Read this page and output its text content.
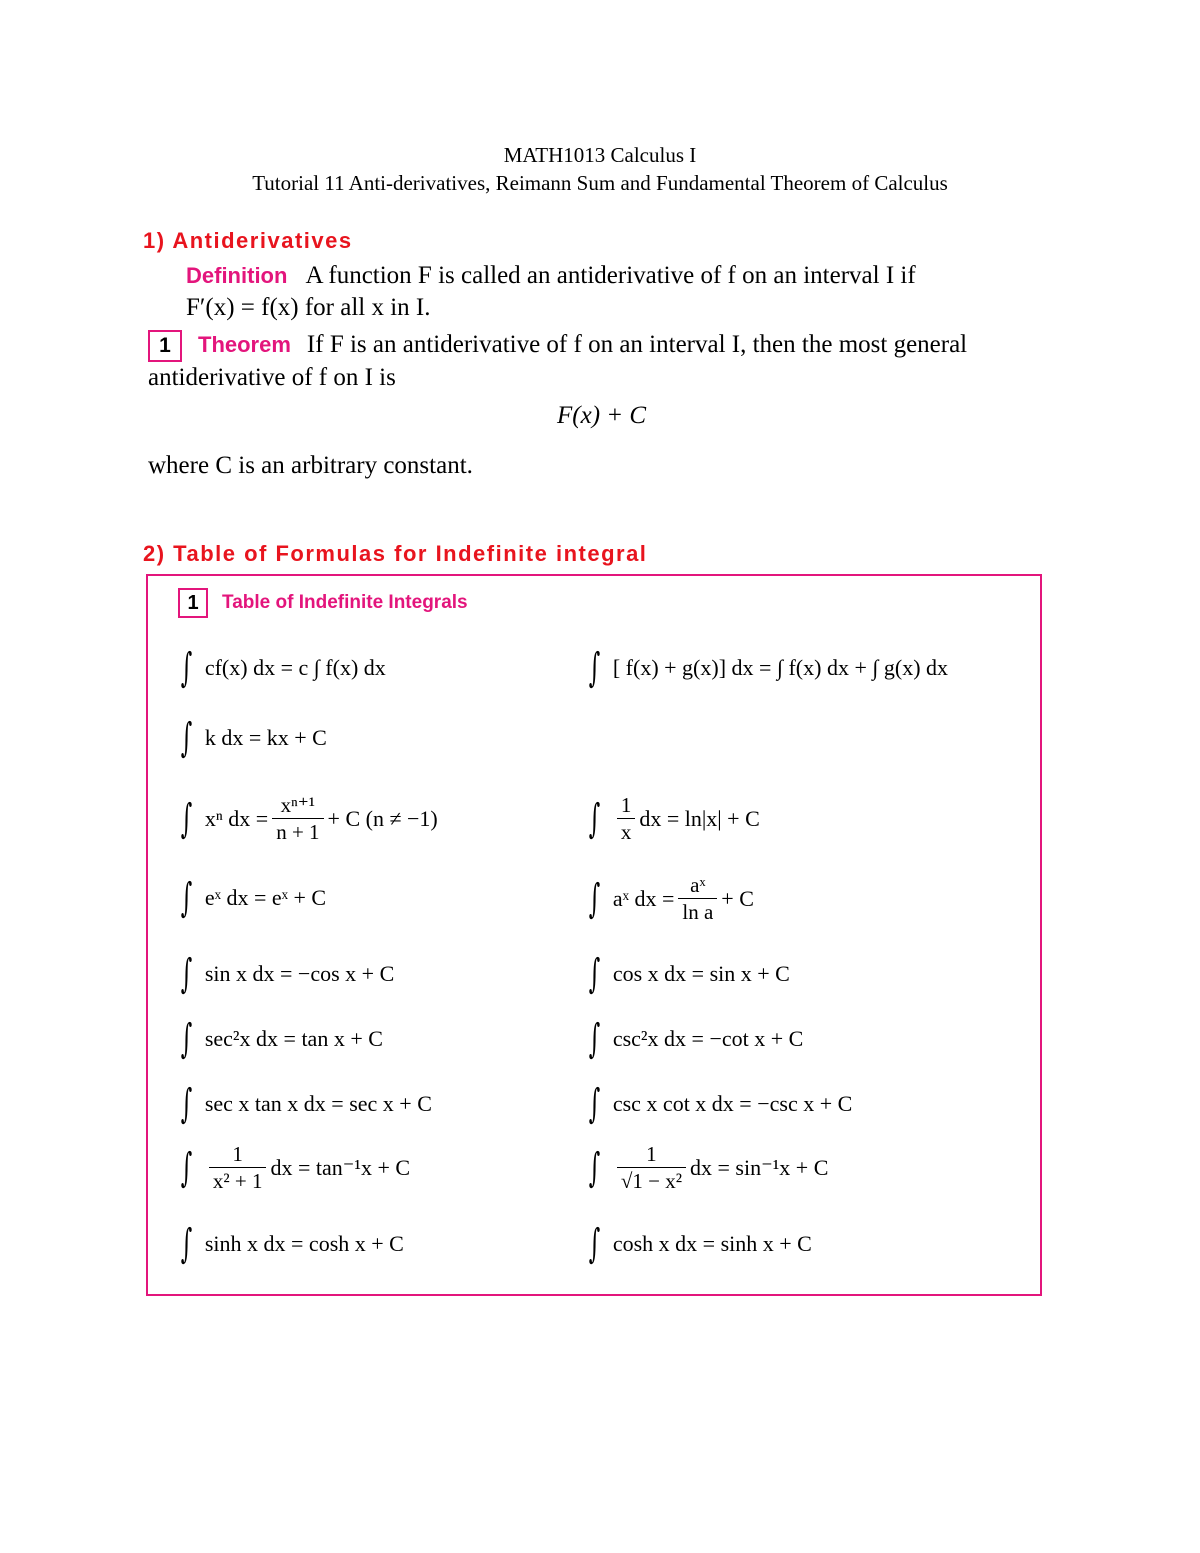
MATH1013 Calculus I
Tutorial 11 Anti-derivatives, Reimann Sum and Fundamental Theorem of Calculus
1) Antiderivatives
Definition A function F is called an antiderivative of f on an interval I if
F′(x) = f(x) for all x in I.
1 Theorem If F is an antiderivative of f on an interval I, then the most general
antiderivative of f on I is
F(x) + C
where C is an arbitrary constant.
2) Table of Formulas for Indefinite integral
1	Table of Indefinite Integrals
∫ cf(x) dx = c ∫ f(x) dx	∫ [ f(x) + g(x)] dx = ∫ f(x) dx + ∫ g(x) dx
∫ k dx = kx + C
∫ xⁿ dx = $\frac{\text{xⁿ⁺¹}}{n + 1} + C$ (n ≠ −1)	∫ $\frac{1}{x}$ dx = ln|x| + C
∫ eˣ dx = eˣ + C	∫ aˣ dx = $\frac{\text{aˣ}}{\text{ln a}} + C$
∫ sin x dx = −cos x + C	∫ cos x dx = sin x + C
∫ sec²x dx = tan x + C	∫ csc²x dx = −cot x + C
∫ sec x tan x dx = sec x + C	∫ csc x cot x dx = −csc x + C
∫ $\frac{1}{\text{x² + 1}}$ dx = tan⁻¹x + C	∫ $\frac{1}{\text{√1 − x²}}$ dx = sin⁻¹x + C
∫ sinh x dx = cosh x + C	∫ cosh x dx = sinh x + C
